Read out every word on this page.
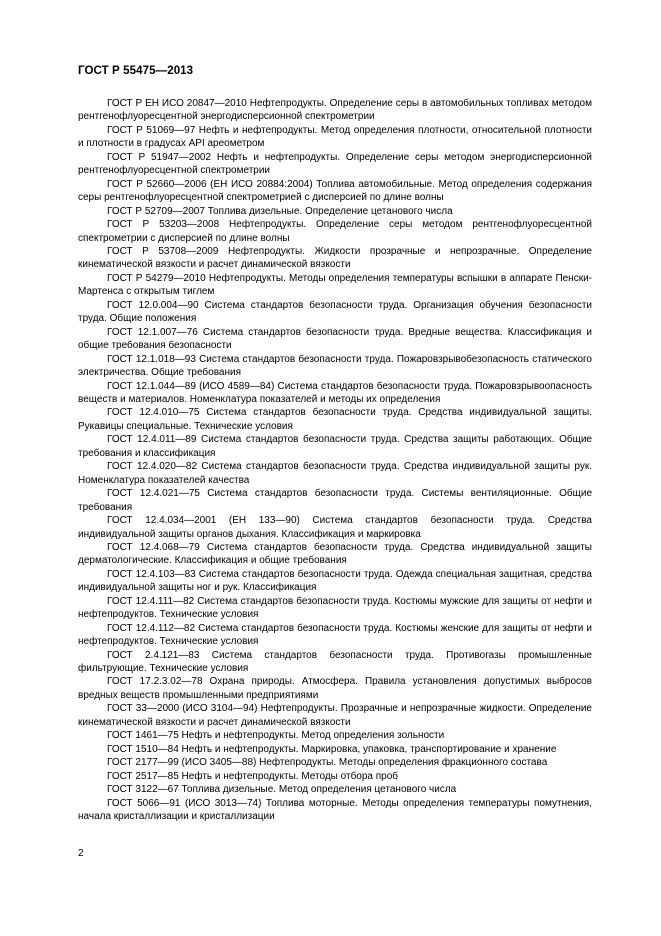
ГОСТ Р 55475—2013

ГОСТ Р ЕН ИСО 20847—2010 Нефтепродукты. Определение серы в автомобильных топливах методом рентгенофлуоресцентной энергодисперсионной спектрометрии

ГОСТ Р 51069—97 Нефть и нефтепродукты. Метод определения плотности, относительной плотности и плотности в градусах API ареометром

ГОСТ Р 51947—2002 Нефть и нефтепродукты. Определение серы методом энергодисперсионной рентгенофлуоресцентной спектрометрии

ГОСТ Р 52660—2006 (ЕН ИСО 20884:2004) Топлива автомобильные. Метод определения содержания серы рентгенофлуоресцентной спектрометрией с дисперсией по длине волны

ГОСТ Р 52709—2007 Топлива дизельные. Определение цетанового числа

ГОСТ Р 53203—2008 Нефтепродукты. Определение серы методом рентгенофлуоресцентной спектрометрии с дисперсией по длине волны

ГОСТ Р 53708—2009 Нефтепродукты. Жидкости прозрачные и непрозрачные. Определение кинематической вязкости и расчет динамической вязкости

ГОСТ Р 54279—2010 Нефтепродукты. Методы определения температуры вспышки в аппарате Пенски-Мартенса с открытым тиглем

ГОСТ 12.0.004—90 Система стандартов безопасности труда. Организация обучения безопасности труда. Общие положения

ГОСТ 12.1.007—76 Система стандартов безопасности труда. Вредные вещества. Классификация и общие требования безопасности

ГОСТ 12.1.018—93 Система стандартов безопасности труда. Пожаровзрывобезопасность статического электричества. Общие требования

ГОСТ 12.1.044—89 (ИСО 4589—84) Система стандартов безопасности труда. Пожаровзрывоопасность веществ и материалов. Номенклатура показателей и методы их определения

ГОСТ 12.4.010—75 Система стандартов безопасности труда. Средства индивидуальной защиты. Рукавицы специальные. Технические условия

ГОСТ 12.4.011—89 Система стандартов безопасности труда. Средства защиты работающих. Общие требования и классификация

ГОСТ 12.4.020—82 Система стандартов безопасности труда. Средства индивидуальной защиты рук. Номенклатура показателей качества

ГОСТ 12.4.021—75 Система стандартов безопасности труда. Системы вентиляционные. Общие требования

ГОСТ 12.4.034—2001 (ЕН 133—90) Система стандартов безопасности труда. Средства индивидуальной защиты органов дыхания. Классификация и маркировка

ГОСТ 12.4.068—79 Система стандартов безопасности труда. Средства индивидуальной защиты дерматологические. Классификация и общие требования

ГОСТ 12.4.103—83 Система стандартов безопасности труда. Одежда специальная защитная, средства индивидуальной защиты ног и рук. Классификация

ГОСТ 12.4.111—82 Система стандартов безопасности труда. Костюмы мужские для защиты от нефти и нефтепродуктов. Технические условия

ГОСТ 12.4.112—82 Система стандартов безопасности труда. Костюмы женские для защиты от нефти и нефтепродуктов. Технические условия

ГОСТ 2.4.121—83 Система стандартов безопасности труда. Противогазы промышленные фильтрующие. Технические условия

ГОСТ 17.2.3.02—78 Охрана природы. Атмосфера. Правила установления допустимых выбросов вредных веществ промышленными предприятиями

ГОСТ 33—2000 (ИСО 3104—94) Нефтепродукты. Прозрачные и непрозрачные жидкости. Определение кинематической вязкости и расчет динамической вязкости

ГОСТ 1461—75 Нефть и нефтепродукты. Метод определения зольности

ГОСТ 1510—84 Нефть и нефтепродукты. Маркировка, упаковка, транспортирование и хранение

ГОСТ 2177—99 (ИСО 3405—88) Нефтепродукты. Методы определения фракционного состава

ГОСТ 2517—85 Нефть и нефтепродукты. Методы отбора проб

ГОСТ 3122—67 Топлива дизельные. Метод определения цетанового числа

ГОСТ 5066—91 (ИСО 3013—74) Топлива моторные. Методы определения температуры помутнения, начала кристаллизации и кристаллизации

2
